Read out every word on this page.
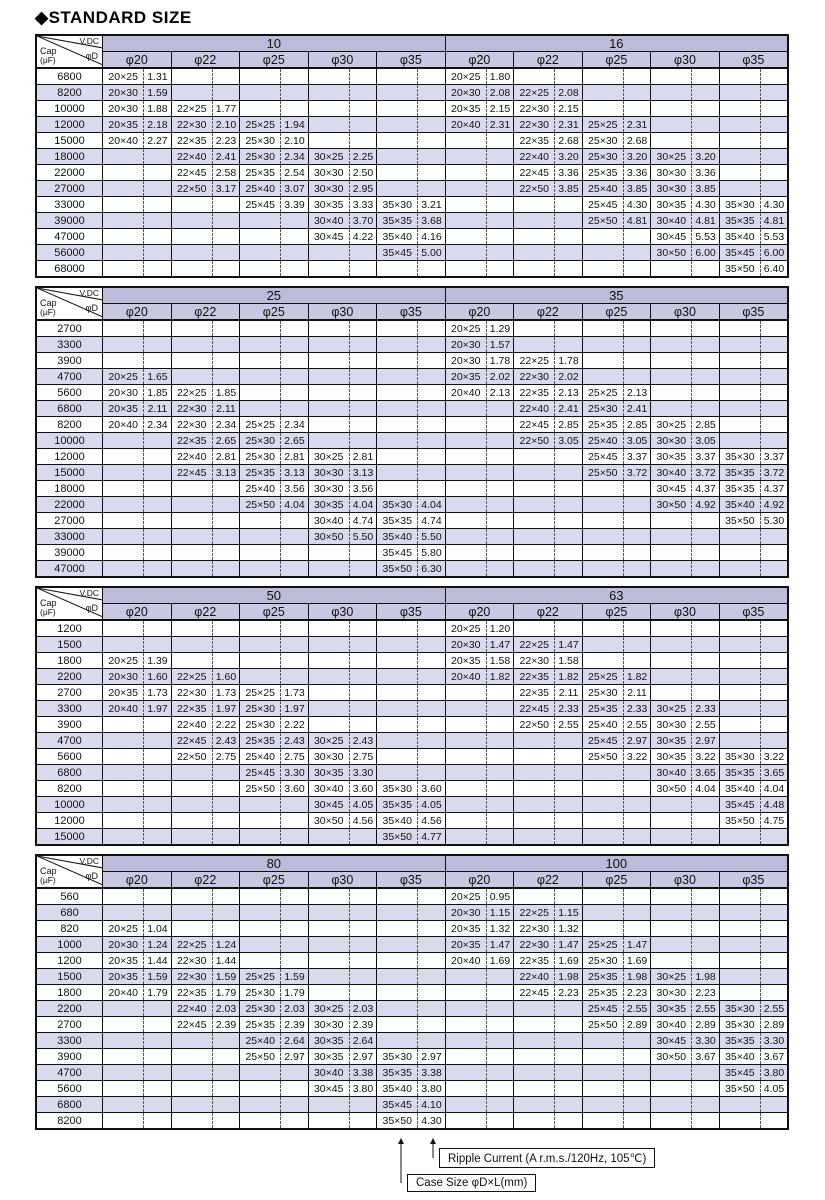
◆STANDARD SIZE
V.DC
φD
Cap
(μF)	10										16									
	φ20		φ22		φ25		φ30		φ35		φ20		φ22		φ25		φ30		φ35	
6800	20×25	1.31									20×25	1.80								
8200	20×30	1.59									20×30	2.08	22×25	2.08						
10000	20×30	1.88	22×25	1.77							20×35	2.15	22×30	2.15						
12000	20×35	2.18	22×30	2.10	25×25	1.94					20×40	2.31	22×30	2.31	25×25	2.31				
15000	20×40	2.27	22×35	2.23	25×30	2.10							22×35	2.68	25×30	2.68				
18000			22×40	2.41	25×30	2.34	30×25	2.25					22×40	3.20	25×30	3.20	30×25	3.20		
22000			22×45	2.58	25×35	2.54	30×30	2.50					22×45	3.36	25×35	3.36	30×30	3.36		
27000			22×50	3.17	25×40	3.07	30×30	2.95					22×50	3.85	25×40	3.85	30×30	3.85		
33000					25×45	3.39	30×35	3.33	35×30	3.21					25×45	4.30	30×35	4.30	35×30	4.30
39000							30×40	3.70	35×35	3.68					25×50	4.81	30×40	4.81	35×35	4.81
47000							30×45	4.22	35×40	4.16							30×45	5.53	35×40	5.53
56000									35×45	5.00							30×50	6.00	35×45	6.00
68000																			35×50	6.40
V.DC
φD
Cap
(μF)	25										35									
	φ20		φ22		φ25		φ30		φ35		φ20		φ22		φ25		φ30		φ35	
2700											20×25	1.29								
3300											20×30	1.57								
3900											20×30	1.78	22×25	1.78						
4700	20×25	1.65									20×35	2.02	22×30	2.02						
5600	20×30	1.85	22×25	1.85							20×40	2.13	22×35	2.13	25×25	2.13				
6800	20×35	2.11	22×30	2.11									22×40	2.41	25×30	2.41				
8200	20×40	2.34	22×30	2.34	25×25	2.34							22×45	2.85	25×35	2.85	30×25	2.85		
10000			22×35	2.65	25×30	2.65							22×50	3.05	25×40	3.05	30×30	3.05		
12000			22×40	2.81	25×30	2.81	30×25	2.81							25×45	3.37	30×35	3.37	35×30	3.37
15000			22×45	3.13	25×35	3.13	30×30	3.13							25×50	3.72	30×40	3.72	35×35	3.72
18000					25×40	3.56	30×30	3.56									30×45	4.37	35×35	4.37
22000					25×50	4.04	30×35	4.04	35×30	4.04							30×50	4.92	35×40	4.92
27000							30×40	4.74	35×35	4.74									35×50	5.30
33000							30×50	5.50	35×40	5.50										
39000									35×45	5.80										
47000									35×50	6.30										
V.DC
φD
Cap
(μF)	50										63									
	φ20		φ22		φ25		φ30		φ35		φ20		φ22		φ25		φ30		φ35	
1200											20×25	1.20								
1500											20×30	1.47	22×25	1.47						
1800	20×25	1.39									20×35	1.58	22×30	1.58						
2200	20×30	1.60	22×25	1.60							20×40	1.82	22×35	1.82	25×25	1.82				
2700	20×35	1.73	22×30	1.73	25×25	1.73							22×35	2.11	25×30	2.11				
3300	20×40	1.97	22×35	1.97	25×30	1.97							22×45	2.33	25×35	2.33	30×25	2.33		
3900			22×40	2.22	25×30	2.22							22×50	2.55	25×40	2.55	30×30	2.55		
4700			22×45	2.43	25×35	2.43	30×25	2.43							25×45	2.97	30×35	2.97		
5600			22×50	2.75	25×40	2.75	30×30	2.75							25×50	3.22	30×35	3.22	35×30	3.22
6800					25×45	3.30	30×35	3.30									30×40	3.65	35×35	3.65
8200					25×50	3.60	30×40	3.60	35×30	3.60							30×50	4.04	35×40	4.04
10000							30×45	4.05	35×35	4.05									35×45	4.48
12000							30×50	4.56	35×40	4.56									35×50	4.75
15000									35×50	4.77										
V.DC
φD
Cap
(μF)	80										100									
	φ20		φ22		φ25		φ30		φ35		φ20		φ22		φ25		φ30		φ35	
560											20×25	0.95								
680											20×30	1.15	22×25	1.15						
820	20×25	1.04									20×35	1.32	22×30	1.32						
1000	20×30	1.24	22×25	1.24							20×35	1.47	22×30	1.47	25×25	1.47				
1200	20×35	1.44	22×30	1.44							20×40	1.69	22×35	1.69	25×30	1.69				
1500	20×35	1.59	22×30	1.59	25×25	1.59							22×40	1.98	25×35	1.98	30×25	1.98		
1800	20×40	1.79	22×35	1.79	25×30	1.79							22×45	2.23	25×35	2.23	30×30	2.23		
2200			22×40	2.03	25×30	2.03	30×25	2.03							25×45	2.55	30×35	2.55	35×30	2.55
2700			22×45	2.39	25×35	2.39	30×30	2.39							25×50	2.89	30×40	2.89	35×30	2.89
3300					25×40	2.64	30×35	2.64									30×45	3.30	35×35	3.30
3900					25×50	2.97	30×35	2.97	35×30	2.97							30×50	3.67	35×40	3.67
4700							30×40	3.38	35×35	3.38									35×45	3.80
5600							30×45	3.80	35×40	3.80									35×50	4.05
6800									35×45	4.10										
8200									35×50	4.30										
Ripple Current (A r.m.s./120Hz, 105℃)
Case Size φD×L(mm)
